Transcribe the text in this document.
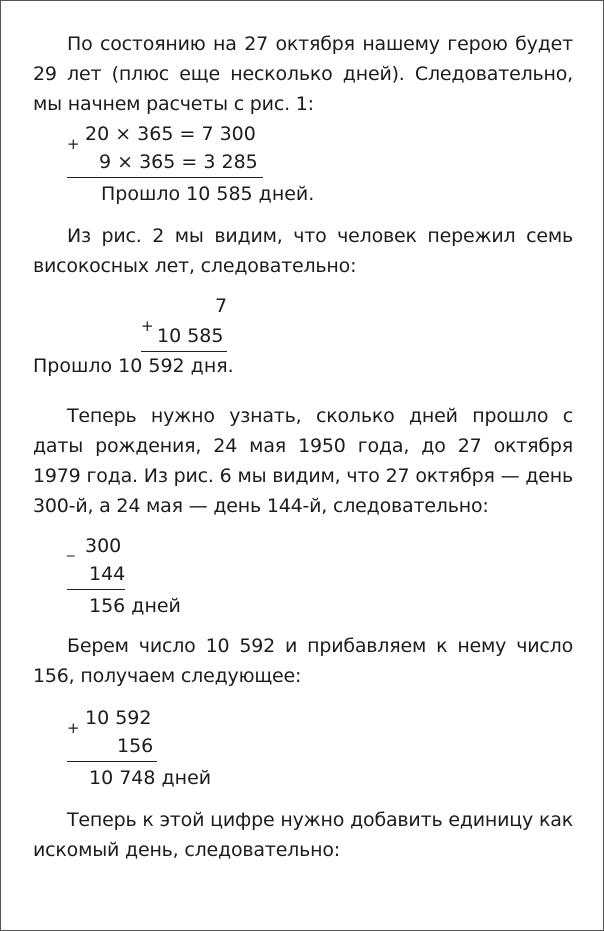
По состоянию на 27 октября нашему герою будет 29 лет (плюс еще несколько дней). Следовательно, мы начнем расчеты с рис. 1:

+ 20 × 365 = 7 300
9 × 365 = 3 285
Прошло 10 585 дней.

Из рис. 2 мы видим, что человек пережил семь високосных лет, следовательно:

7
+ 10 585
Прошло 10 592 дня.

Теперь нужно узнать, сколько дней прошло с даты рождения, 24 мая 1950 года, до 27 октября 1979 года. Из рис. 6 мы видим, что 27 октября — день 300-й, а 24 мая — день 144-й, следовательно:

_ 300
144
156 дней

Берем число 10 592 и прибавляем к нему число 156, получаем следующее:

+ 10 592
156
10 748 дней

Теперь к этой цифре нужно добавить единицу как искомый день, следовательно:
